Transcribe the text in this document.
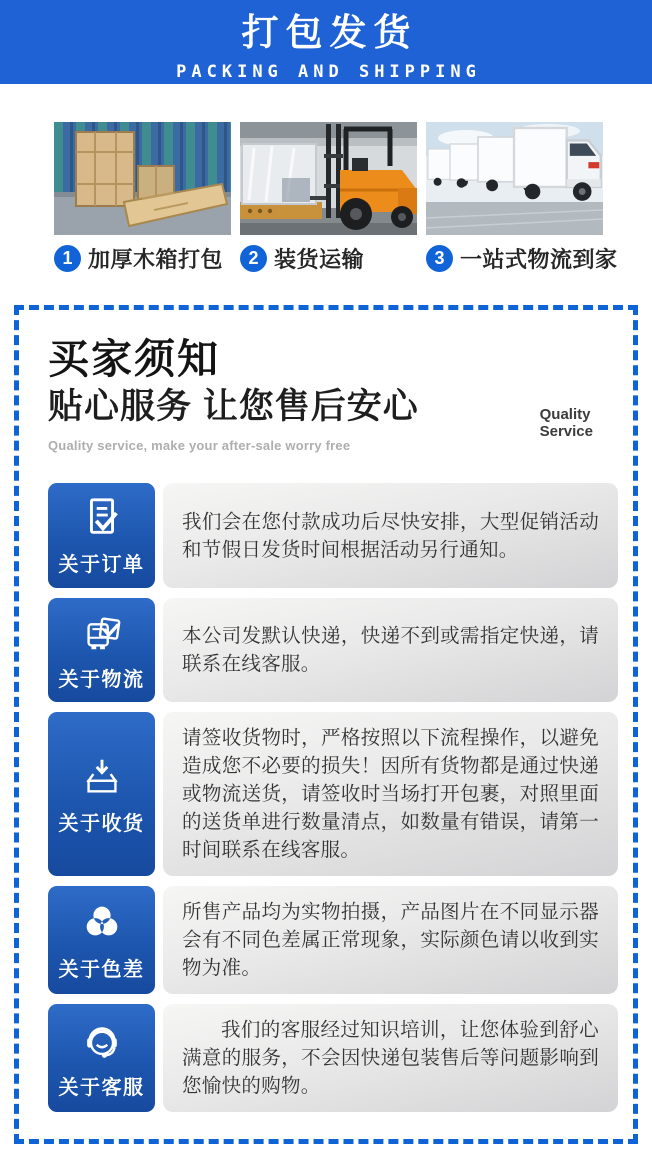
打包发货
PACKING AND SHIPPING
1 加厚木箱打包	2 装货运输	3 一站式物流到家
买家须知
贴心服务 让您售后安心
Quality service, make your after-sale worry free
Quality
Service
关于订单

我们会在您付款成功后尽快安排，大型促销活动和节假日发货时间根据活动另行通知。

关于物流

本公司发默认快递，快递不到或需指定快递，请联系在线客服。

关于收货

请签收货物时，严格按照以下流程操作，以避免造成您不必要的损失！因所有货物都是通过快递或物流送货，请签收时当场打开包裹，对照里面的送货单进行数量清点，如数量有错误，请第一时间联系在线客服。

关于色差

所售产品均为实物拍摄，产品图片在不同显示器会有不同色差属正常现象，实际颜色请以收到实物为准。

关于客服

我们的客服经过知识培训，让您体验到舒心满意的服务，不会因快递包装售后等问题影响到您愉快的购物。
